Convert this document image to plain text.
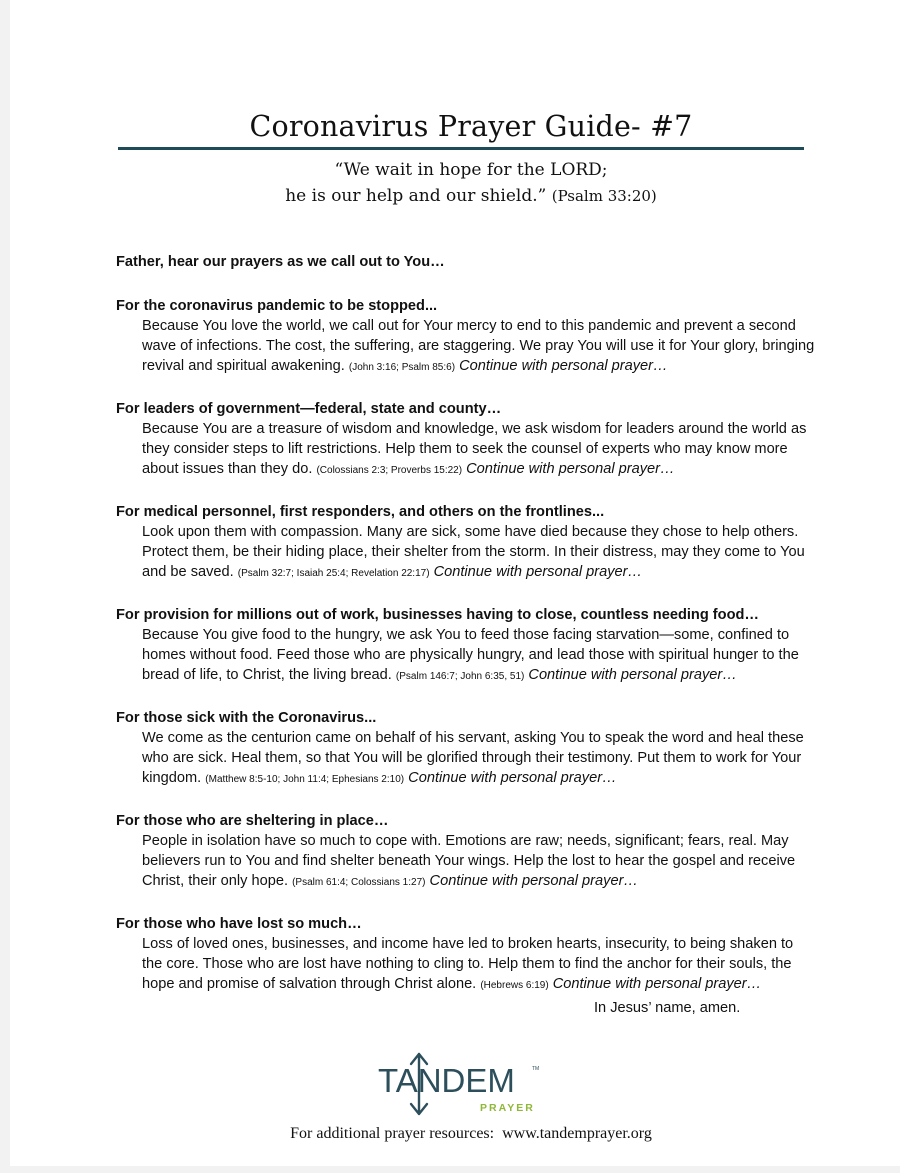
Coronavirus Prayer Guide- #7
“We wait in hope for the LORD;
he is our help and our shield.” (Psalm 33:20)
Father, hear our prayers as we call out to You…
For the coronavirus pandemic to be stopped...
Because You love the world, we call out for Your mercy to end to this pandemic and prevent a second wave of infections. The cost, the suffering, are staggering. We pray You will use it for Your glory, bringing revival and spiritual awakening. (John 3:16; Psalm 85:6) Continue with personal prayer…
For leaders of government—federal, state and county…
Because You are a treasure of wisdom and knowledge, we ask wisdom for leaders around the world as they consider steps to lift restrictions. Help them to seek the counsel of experts who may know more about issues than they do. (Colossians 2:3; Proverbs 15:22) Continue with personal prayer…
For medical personnel, first responders, and others on the frontlines...
Look upon them with compassion. Many are sick, some have died because they chose to help others. Protect them, be their hiding place, their shelter from the storm. In their distress, may they come to You and be saved. (Psalm 32:7; Isaiah 25:4; Revelation 22:17) Continue with personal prayer…
For provision for millions out of work, businesses having to close, countless needing food…
Because You give food to the hungry, we ask You to feed those facing starvation—some, confined to homes without food. Feed those who are physically hungry, and lead those with spiritual hunger to the bread of life, to Christ, the living bread. (Psalm 146:7; John 6:35, 51) Continue with personal prayer…
For those sick with the Coronavirus...
We come as the centurion came on behalf of his servant, asking You to speak the word and heal these who are sick. Heal them, so that You will be glorified through their testimony. Put them to work for Your kingdom. (Matthew 8:5-10; John 11:4; Ephesians 2:10) Continue with personal prayer…
For those who are sheltering in place…
People in isolation have so much to cope with. Emotions are raw; needs, significant; fears, real. May believers run to You and find shelter beneath Your wings. Help the lost to hear the gospel and receive Christ, their only hope. (Psalm 61:4; Colossians 1:27) Continue with personal prayer…
For those who have lost so much…
Loss of loved ones, businesses, and income have led to broken hearts, insecurity, to being shaken to the core. Those who are lost have nothing to cling to. Help them to find the anchor for their souls, the hope and promise of salvation through Christ alone. (Hebrews 6:19) Continue with personal prayer…
In Jesus’ name, amen.
TANDEM	TM
PRAYER
For additional prayer resources: www.tandemprayer.org
